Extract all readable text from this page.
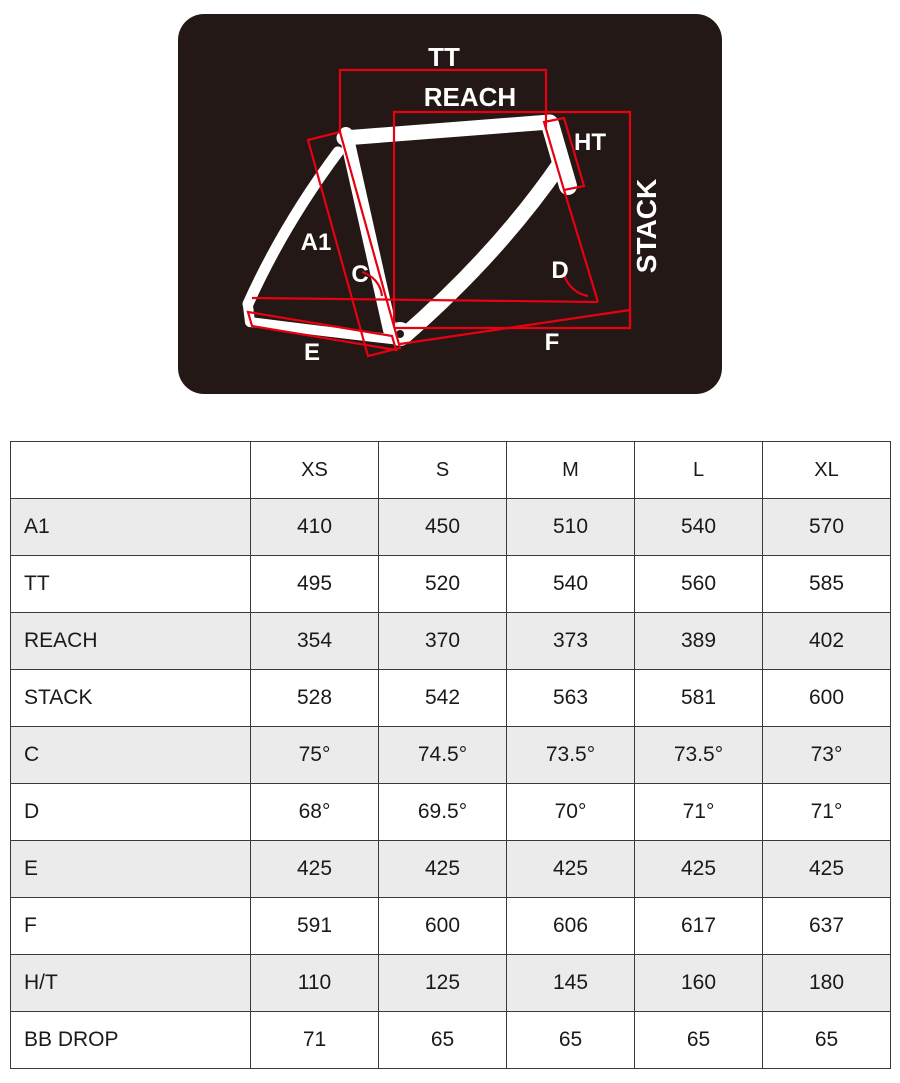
TT
REACH
HT
STACK
A1
C	D
E	F
	XS	S	M	L	XL
A1	410	450	510	540	570
TT	495	520	540	560	585
REACH	354	370	373	389	402
STACK	528	542	563	581	600
C	75°	74.5°	73.5°	73.5°	73°
D	68°	69.5°	70°	71°	71°
E	425	425	425	425	425
F	591	600	606	617	637
H/T	110	125	145	160	180
BB DROP	71	65	65	65	65
